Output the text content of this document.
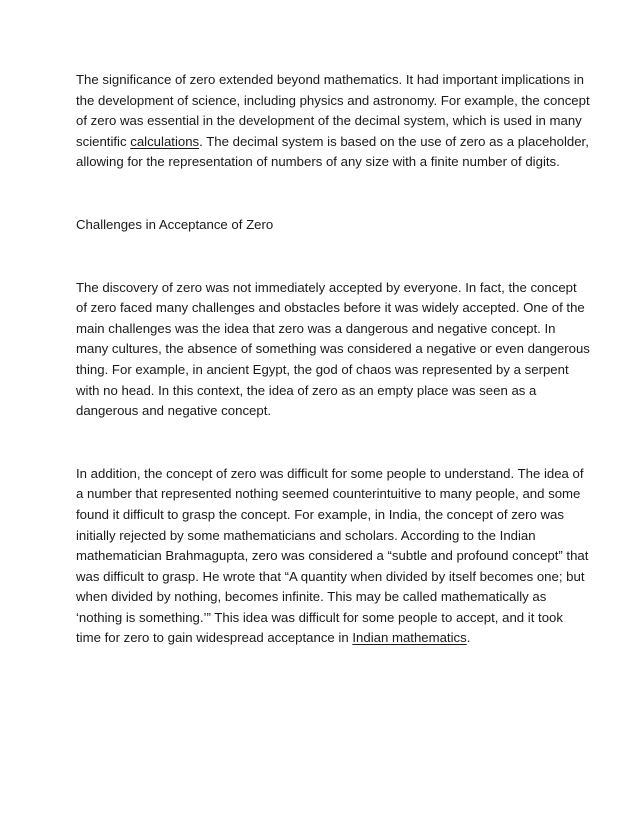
The significance of zero extended beyond mathematics. It had important implications in
the development of science, including physics and astronomy. For example, the concept
of zero was essential in the development of the decimal system, which is used in many
scientific calculations. The decimal system is based on the use of zero as a placeholder,
allowing for the representation of numbers of any size with a finite number of digits.

Challenges in Acceptance of Zero

The discovery of zero was not immediately accepted by everyone. In fact, the concept
of zero faced many challenges and obstacles before it was widely accepted. One of the
main challenges was the idea that zero was a dangerous and negative concept. In
many cultures, the absence of something was considered a negative or even dangerous
thing. For example, in ancient Egypt, the god of chaos was represented by a serpent
with no head. In this context, the idea of zero as an empty place was seen as a
dangerous and negative concept.

In addition, the concept of zero was difficult for some people to understand. The idea of
a number that represented nothing seemed counterintuitive to many people, and some
found it difficult to grasp the concept. For example, in India, the concept of zero was
initially rejected by some mathematicians and scholars. According to the Indian
mathematician Brahmagupta, zero was considered a “subtle and profound concept” that
was difficult to grasp. He wrote that “A quantity when divided by itself becomes one; but
when divided by nothing, becomes infinite. This may be called mathematically as
‘nothing is something.’” This idea was difficult for some people to accept, and it took
time for zero to gain widespread acceptance in Indian mathematics.
